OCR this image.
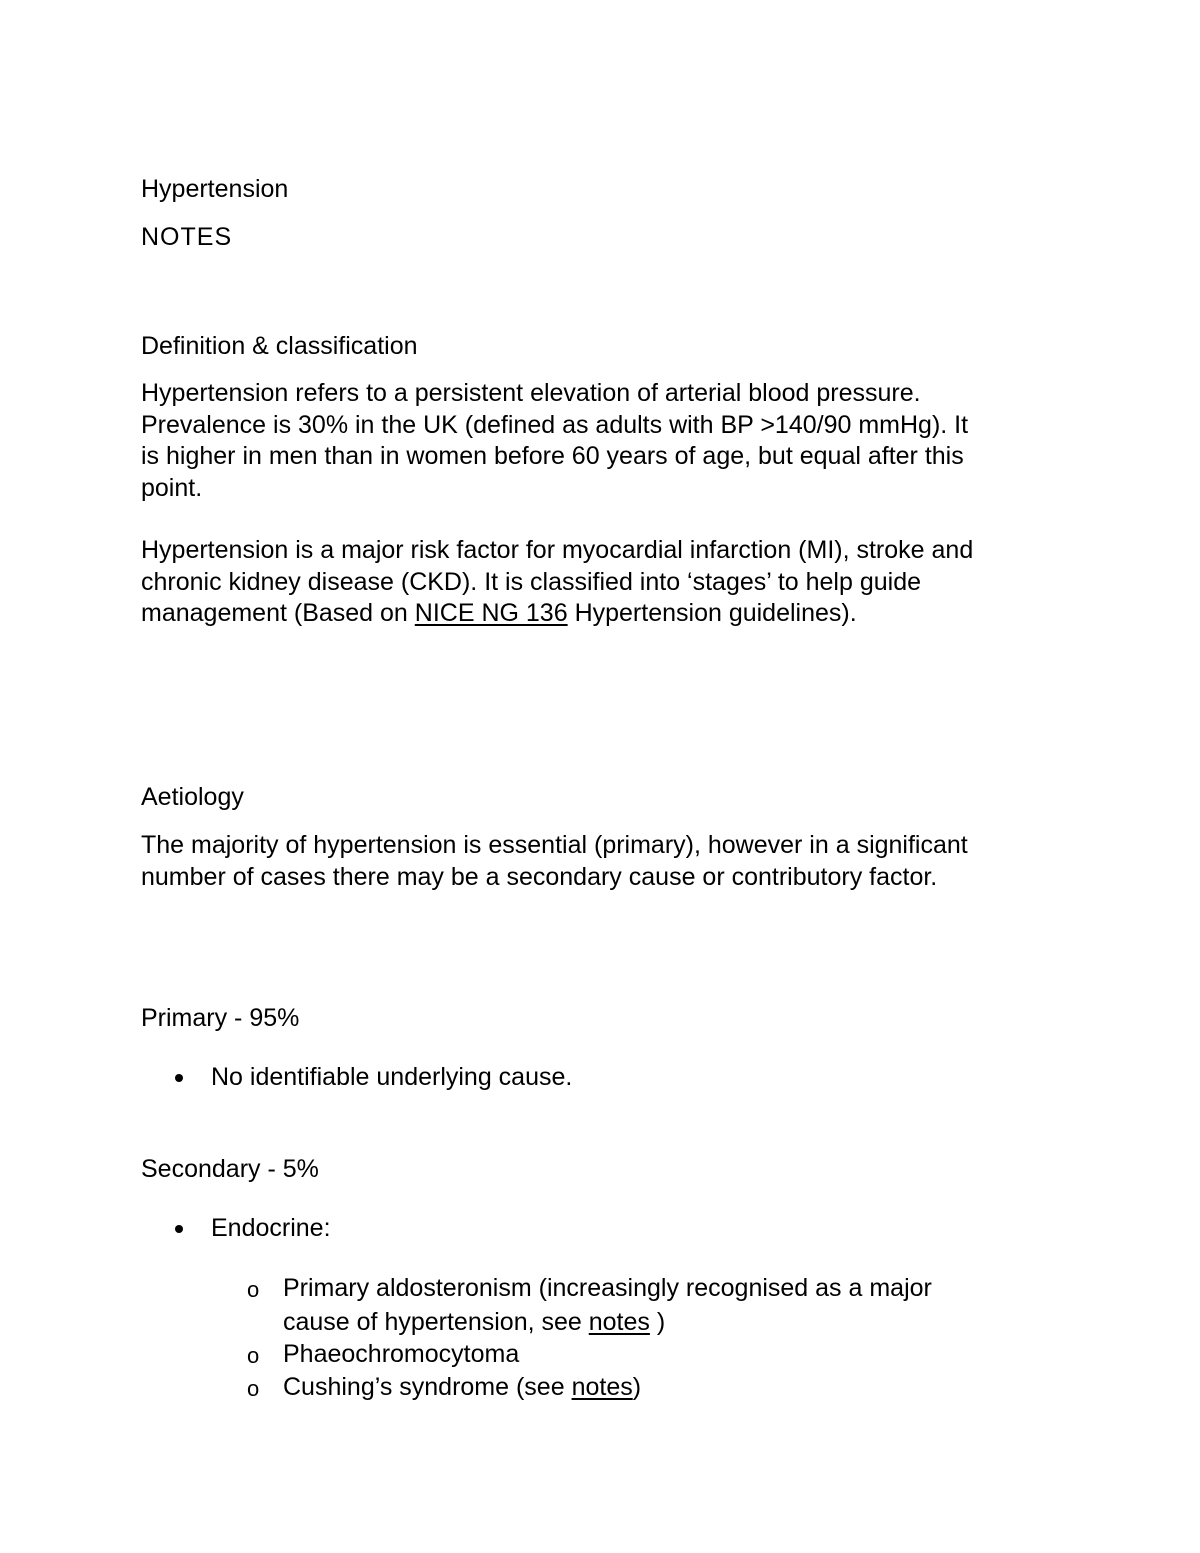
Hypertension
NOTES
Definition & classification
Hypertension refers to a persistent elevation of arterial blood pressure.
Prevalence is 30% in the UK (defined as adults with BP >140/90 mmHg). It
is higher in men than in women before 60 years of age, but equal after this
point.
Hypertension is a major risk factor for myocardial infarction (MI), stroke and
chronic kidney disease (CKD). It is classified into ‘stages’ to help guide
management (Based on NICE NG 136 Hypertension guidelines).
Aetiology
The majority of hypertension is essential (primary), however in a significant
number of cases there may be a secondary cause or contributory factor.
Primary - 95%
No identifiable underlying cause.
Secondary - 5%
Endocrine:
o Primary aldosteronism (increasingly recognised as a major
cause of hypertension, see notes )
o Phaeochromocytoma
o Cushing’s syndrome (see notes)
